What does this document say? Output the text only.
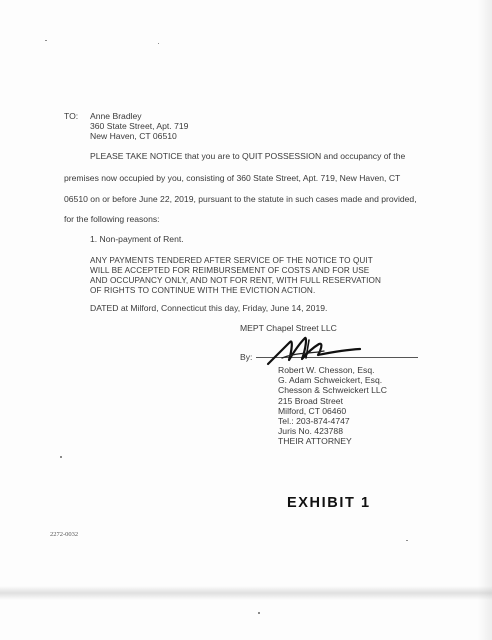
TO: Anne Bradley
360 State Street, Apt. 719
New Haven, CT 06510
PLEASE TAKE NOTICE that you are to QUIT POSSESSION and occupancy of the
premises now occupied by you, consisting of 360 State Street, Apt. 719, New Haven, CT
06510 on or before June 22, 2019, pursuant to the statute in such cases made and provided,
for the following reasons:
1. Non-payment of Rent.
ANY PAYMENTS TENDERED AFTER SERVICE OF THE NOTICE TO QUIT
WILL BE ACCEPTED FOR REIMBURSEMENT OF COSTS AND FOR USE
AND OCCUPANCY ONLY, AND NOT FOR RENT, WITH FULL RESERVATION
OF RIGHTS TO CONTINUE WITH THE EVICTION ACTION.
DATED at Milford, Connecticut this day, Friday, June 14, 2019.
MEPT Chapel Street LLC
By:
Robert W. Chesson, Esq.
G. Adam Schweickert, Esq.
Chesson & Schweickert LLC
215 Broad Street
Milford, CT 06460
Tel.: 203-874-4747
Juris No. 423788
THEIR ATTORNEY
EXHIBIT 1
2272-0032
